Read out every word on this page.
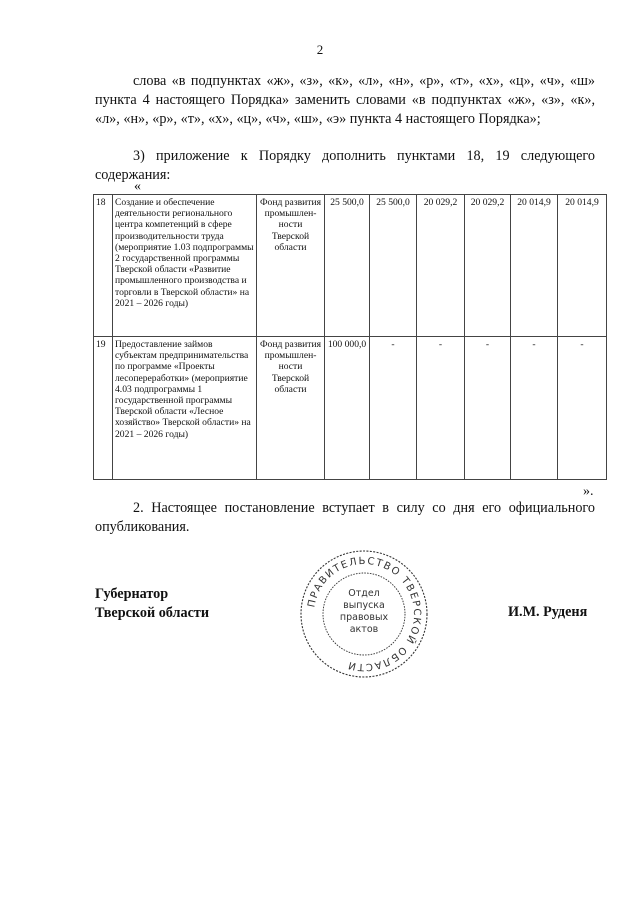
2
слова «в подпунктах «ж», «з», «к», «л», «н», «р», «т», «х», «ц», «ч», «ш» пункта 4 настоящего Порядка» заменить словами «в подпунктах «ж», «з», «к», «л», «н», «р», «т», «х», «ц», «ч», «ш», «э» пункта 4 настоящего Порядка»;
3) приложение к Порядку дополнить пунктами 18, 19 следующего содержания:
«
18	Создание и обеспечение деятельности регионального центра компетенций в сфере производительности труда (мероприятие 1.03 подпрограммы 2 государственной программы Тверской области «Развитие промышленного производства и торговли в Тверской области» на 2021 – 2026 годы)	Фонд развития промышлен-ности Тверской области	25 500,0	25 500,0	20 029,2	20 029,2	20 014,9	20 014,9
19	Предоставление займов субъектам предпринимательства по программе «Проекты лесопереработки» (мероприятие 4.03 подпрограммы 1 государственной программы Тверской области «Лесное хозяйство» Тверской области» на 2021 – 2026 годы)	Фонд развития промышлен-ности Тверской области	100 000,0	-	-	-	-	-
».
2. Настоящее постановление вступает в силу со дня его официального опубликования.
Губернатор
Тверской области	И.М. Руденя
ПРАВИТЕЛЬСТВО ТВЕРСКОЙ ОБЛАСТИ
Отдел
выпуска
правовых
актов
